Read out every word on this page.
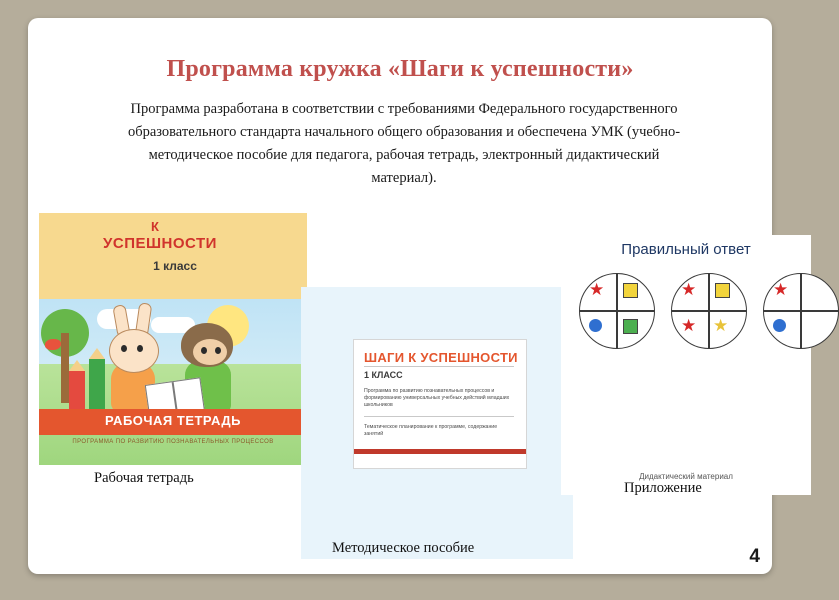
Программа кружка «Шаги к успешности»
Программа разработана в соответствии с требованиями Федерального государственного образовательного стандарта начального общего образования и обеспечена УМК (учебно-методическое пособие для педагога, рабочая тетрадь, электронный дидактический материал).
К
УСПЕШНОСТИ
1 класс
РАБОЧАЯ ТЕТРАДЬ
ПРОГРАММА ПО РАЗВИТИЮ ПОЗНАВАТЕЛЬНЫХ ПРОЦЕССОВ
Рабочая тетрадь
ШАГИ К УСПЕШНОСТИ
1 КЛАСС
Программа по развитию познавательных процессов и формированию универсальных учебных действий младших школьников
Тематическое планирование к программе, содержание занятий
Методическое пособие
Правильный ответ
★	★
★ ★
★
Дидактический материал
Приложение
4
